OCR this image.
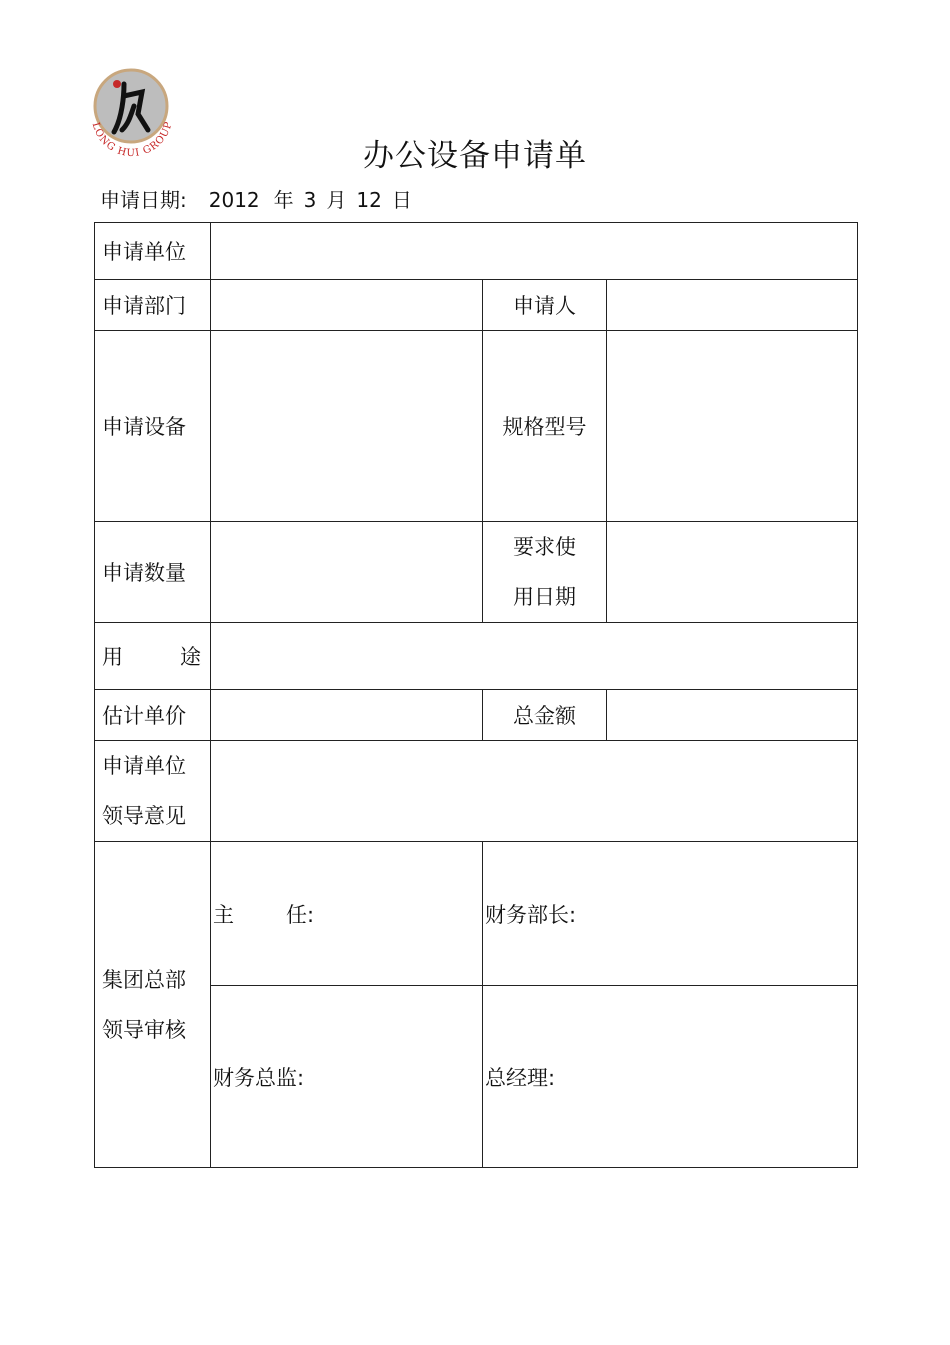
LONG HUI GROUP
办公设备申请单
申请日期: 2012 年 3 月 12 日
申请单位			
申请部门		申请人	
申请设备		规格型号	
申请数量		要求使
用日期	

用 途			

估计单价		总金额	

申请单位
领导意见			

集团总部
领导审核	主 任:	财务部长:	
	财务总监:	总经理:	
